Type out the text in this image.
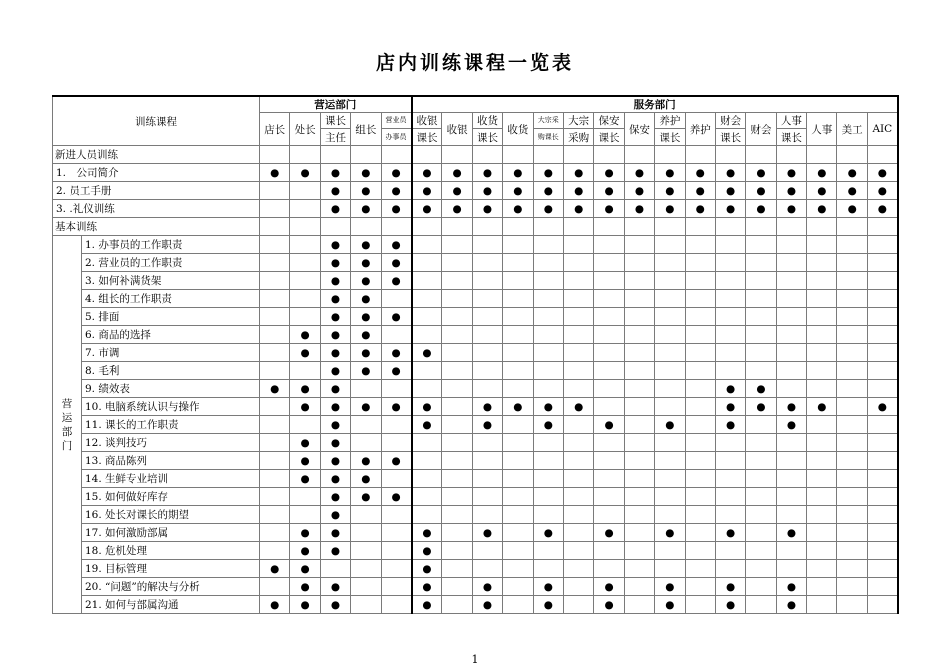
店内训练课程一览表
训练课程		营运部门					服务部门															
		店长	处长	课长	组长	营业员	收银	收银	收货	收货	大宗采	大宗	保安	保安	养护	养护	财会	财会	人事	人事	美工	AIC
				主任		办事员	课长		课长		购课长	采购	课长		课长		课长		课长			
新进人员训练																						
1.　公司简介		●	●	●	●	●	●	●	●	●	●	●	●	●	●	●	●	●	●	●	●	●
2. 员工手册				●	●	●	●	●	●	●	●	●	●	●	●	●	●	●	●	●	●	●
3. .礼仪训练				●	●	●	●	●	●	●	●	●	●	●	●	●	●	●	●	●	●	●
基本训练																						

营
运
部
门	1. 办事员的工作职责			●	●	●																
	2. 营业员的工作职责			●	●	●																
	3. 如何补满货架			●	●	●																
	4. 组长的工作职责			●	●																	
	5. 排面			●	●	●																
	6. 商品的选择		●	●	●																	
	7. 市调		●	●	●	●	●															
	8. 毛利			●	●	●																
	9. 绩效表	●	●	●													●	●				
	10. 电脑系统认识与操作		●	●	●	●	●		●	●	●	●					●	●	●	●		●
	11. 课长的工作职责			●			●		●		●		●		●		●		●			
	12. 谈判技巧		●	●																		
	13. 商品陈列		●	●	●	●																
	14. 生鲜专业培训		●	●	●																	
	15. 如何做好库存			●	●	●																
	16. 处长对课长的期望			●																		
	17. 如何激励部属		●	●			●		●		●		●		●		●		●			
	18. 危机处理		●	●			●															
	19. 目标管理	●	●				●															
	20. “问题”的解决与分析		●	●			●		●		●		●		●		●		●			
	21. 如何与部属沟通	●	●	●			●		●		●		●		●		●		●			
1
